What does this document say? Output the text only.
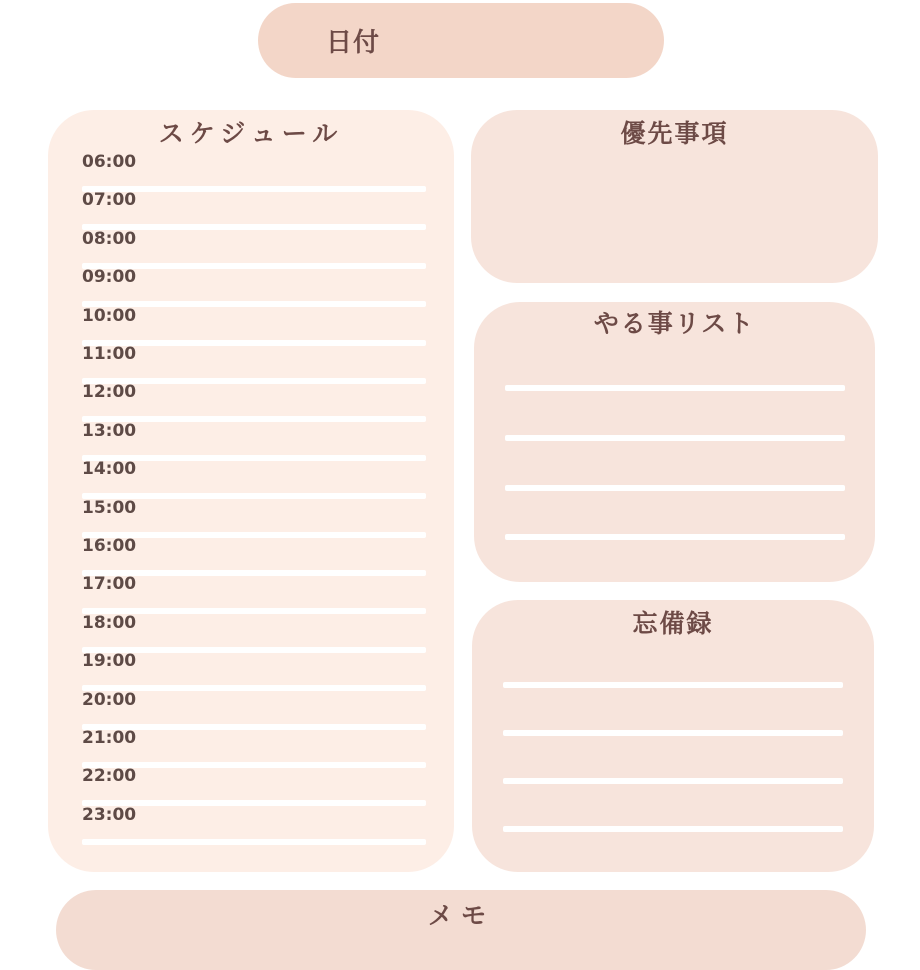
日付
スケジュール
06:00
07:00
08:00
09:00
10:00
11:00
12:00
13:00
14:00
15:00
16:00
17:00
18:00
19:00
20:00
21:00
22:00
23:00
優先事項
やる事リスト
忘備録
メモ
